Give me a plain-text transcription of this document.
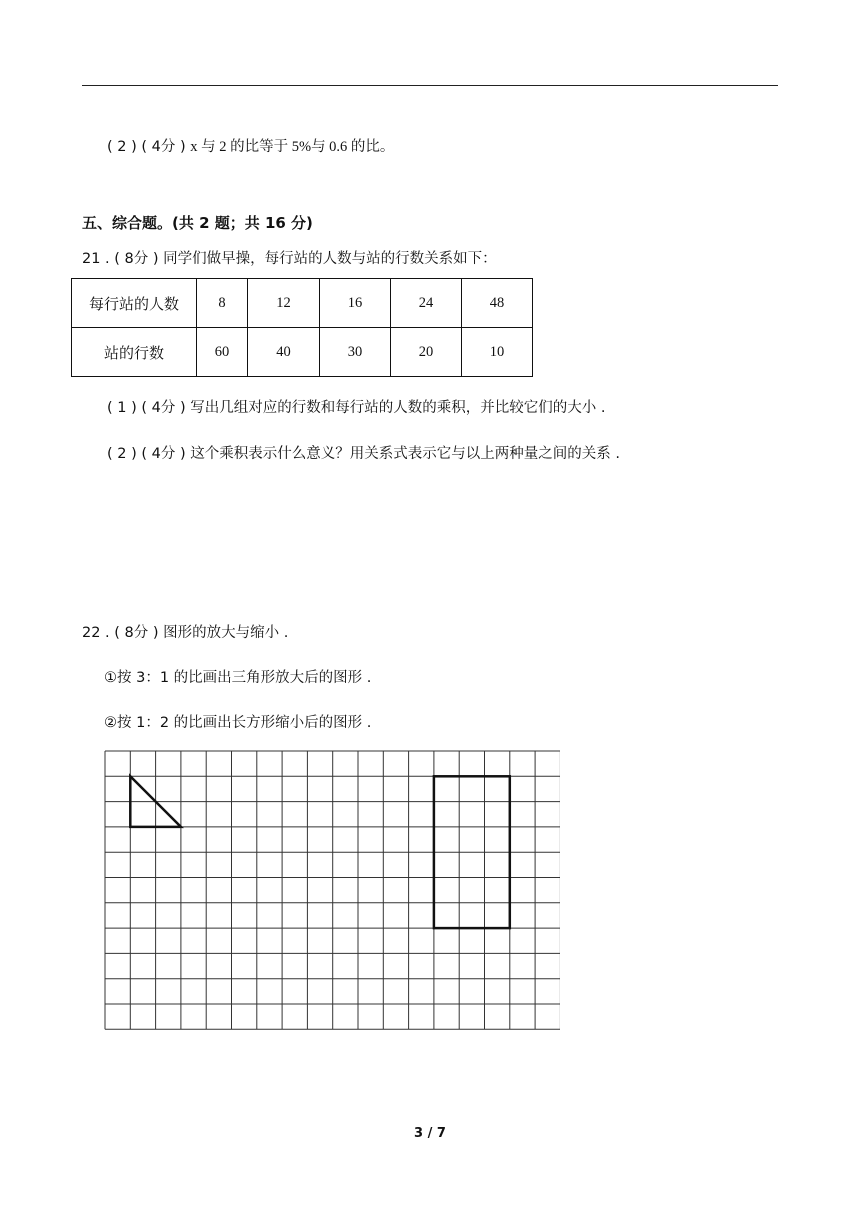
( 2 ) ( 4分 ) x 与 2 的比等于 5%与 0.6 的比。
五、综合题。(共 2 题；共 16 分)
21 . ( 8分 ) 同学们做早操，每行站的人数与站的行数关系如下：
每行站的人数	8	12	16	24	48
站的行数	60	40	30	20	10
( 1 ) ( 4分 ) 写出几组对应的行数和每行站的人数的乘积，并比较它们的大小 .
( 2 ) ( 4分 ) 这个乘积表示什么意义？用关系式表示它与以上两种量之间的关系 .
22 . ( 8分 ) 图形的放大与缩小 .
①按 3：1 的比画出三角形放大后的图形 .
②按 1：2 的比画出长方形缩小后的图形 .
3 / 7
